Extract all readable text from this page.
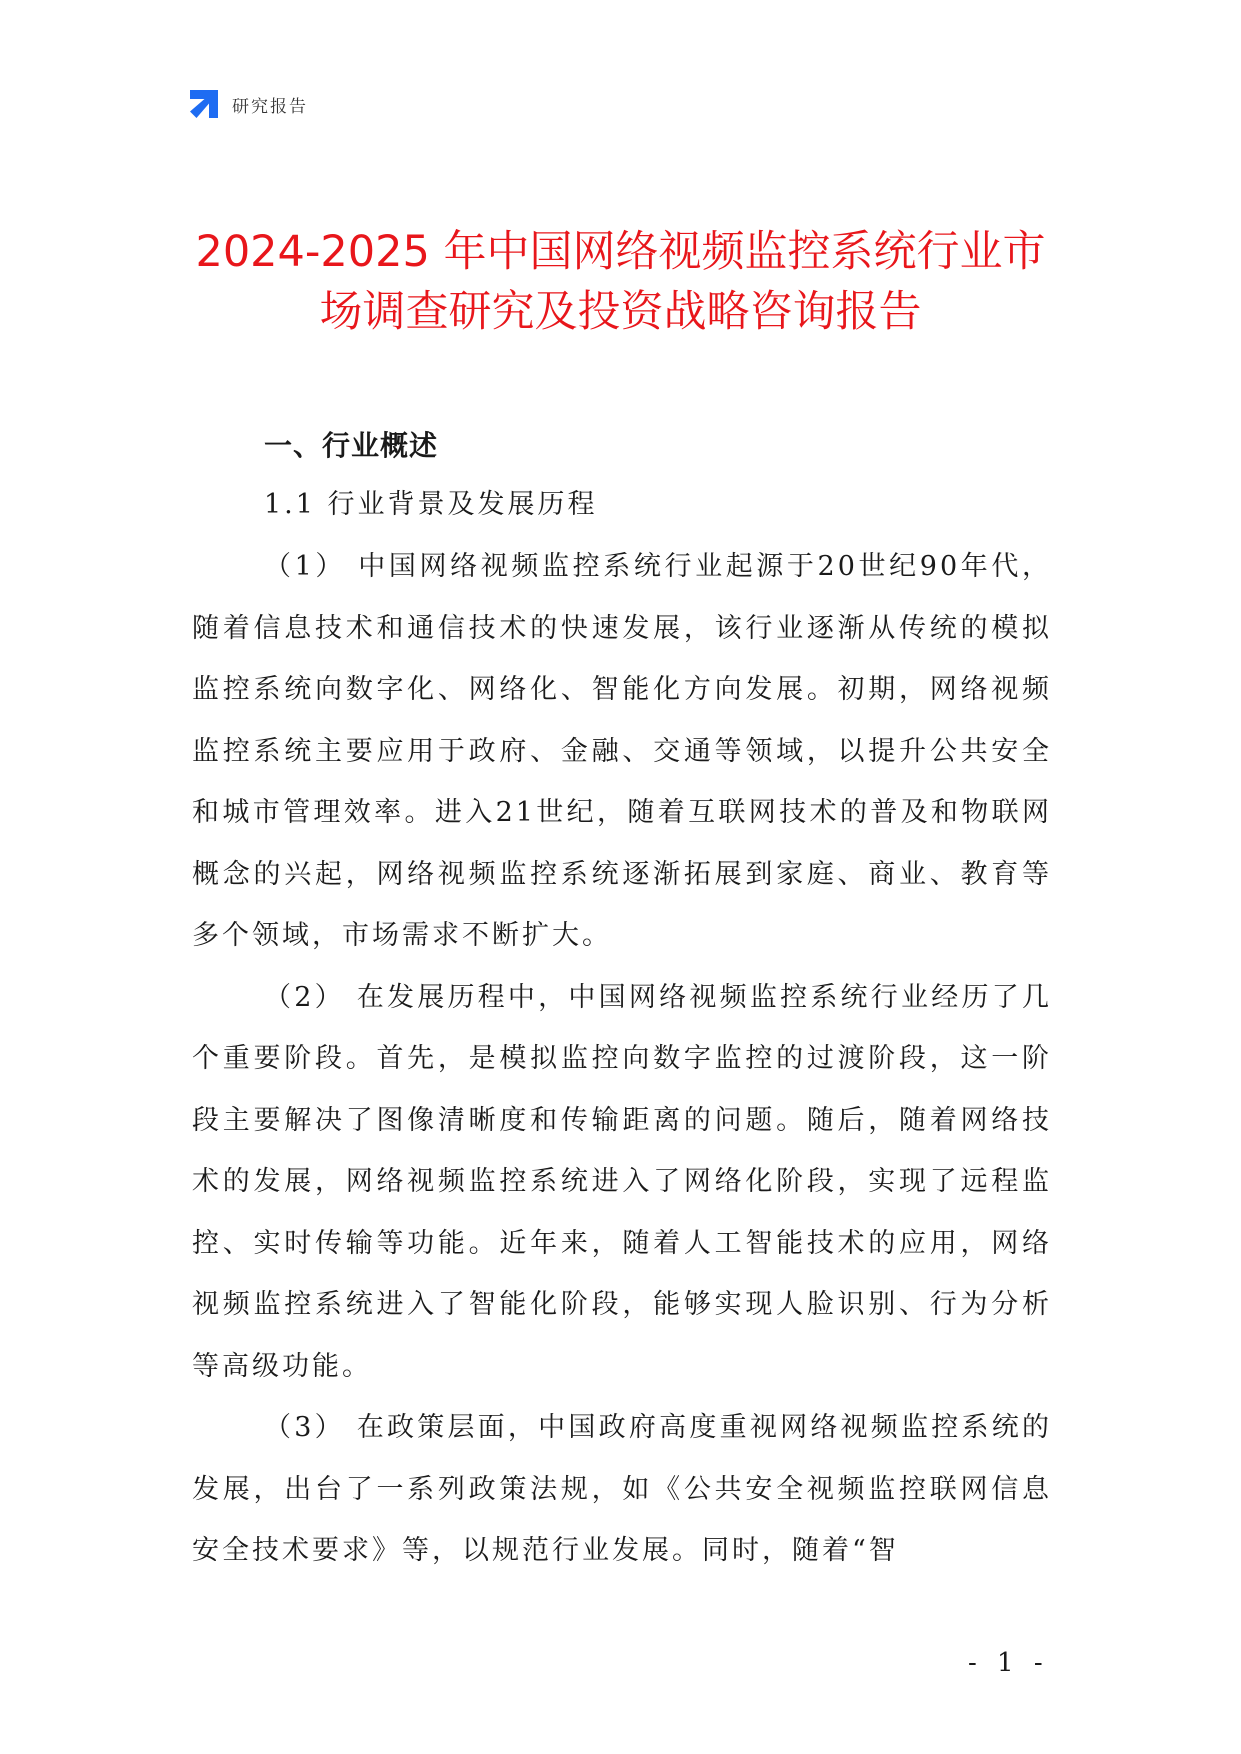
研究报告
2024-2025 年中国网络视频监控系统行业市
场调查研究及投资战略咨询报告
一、行业概述
1.1 行业背景及发展历程

（1） 中国网络视频监控系统行业起源于20世纪90年代，随着信息技术和通信技术的快速发展，该行业逐渐从传统的模拟监控系统向数字化、网络化、智能化方向发展。初期，网络视频监控系统主要应用于政府、金融、交通等领域，以提升公共安全和城市管理效率。进入21世纪，随着互联网技术的普及和物联网概念的兴起，网络视频监控系统逐渐拓展到家庭、商业、教育等多个领域，市场需求不断扩大。

（2） 在发展历程中，中国网络视频监控系统行业经历了几个重要阶段。首先，是模拟监控向数字监控的过渡阶段，这一阶段主要解决了图像清晰度和传输距离的问题。随后，随着网络技术的发展，网络视频监控系统进入了网络化阶段，实现了远程监控、实时传输等功能。近年来，随着人工智能技术的应用，网络视频监控系统进入了智能化阶段，能够实现人脸识别、行为分析等高级功能。

（3） 在政策层面，中国政府高度重视网络视频监控系统的发展，出台了一系列政策法规，如《公共安全视频监控联网信息安全技术要求》等，以规范行业发展。同时，随着“智

- 1 -
